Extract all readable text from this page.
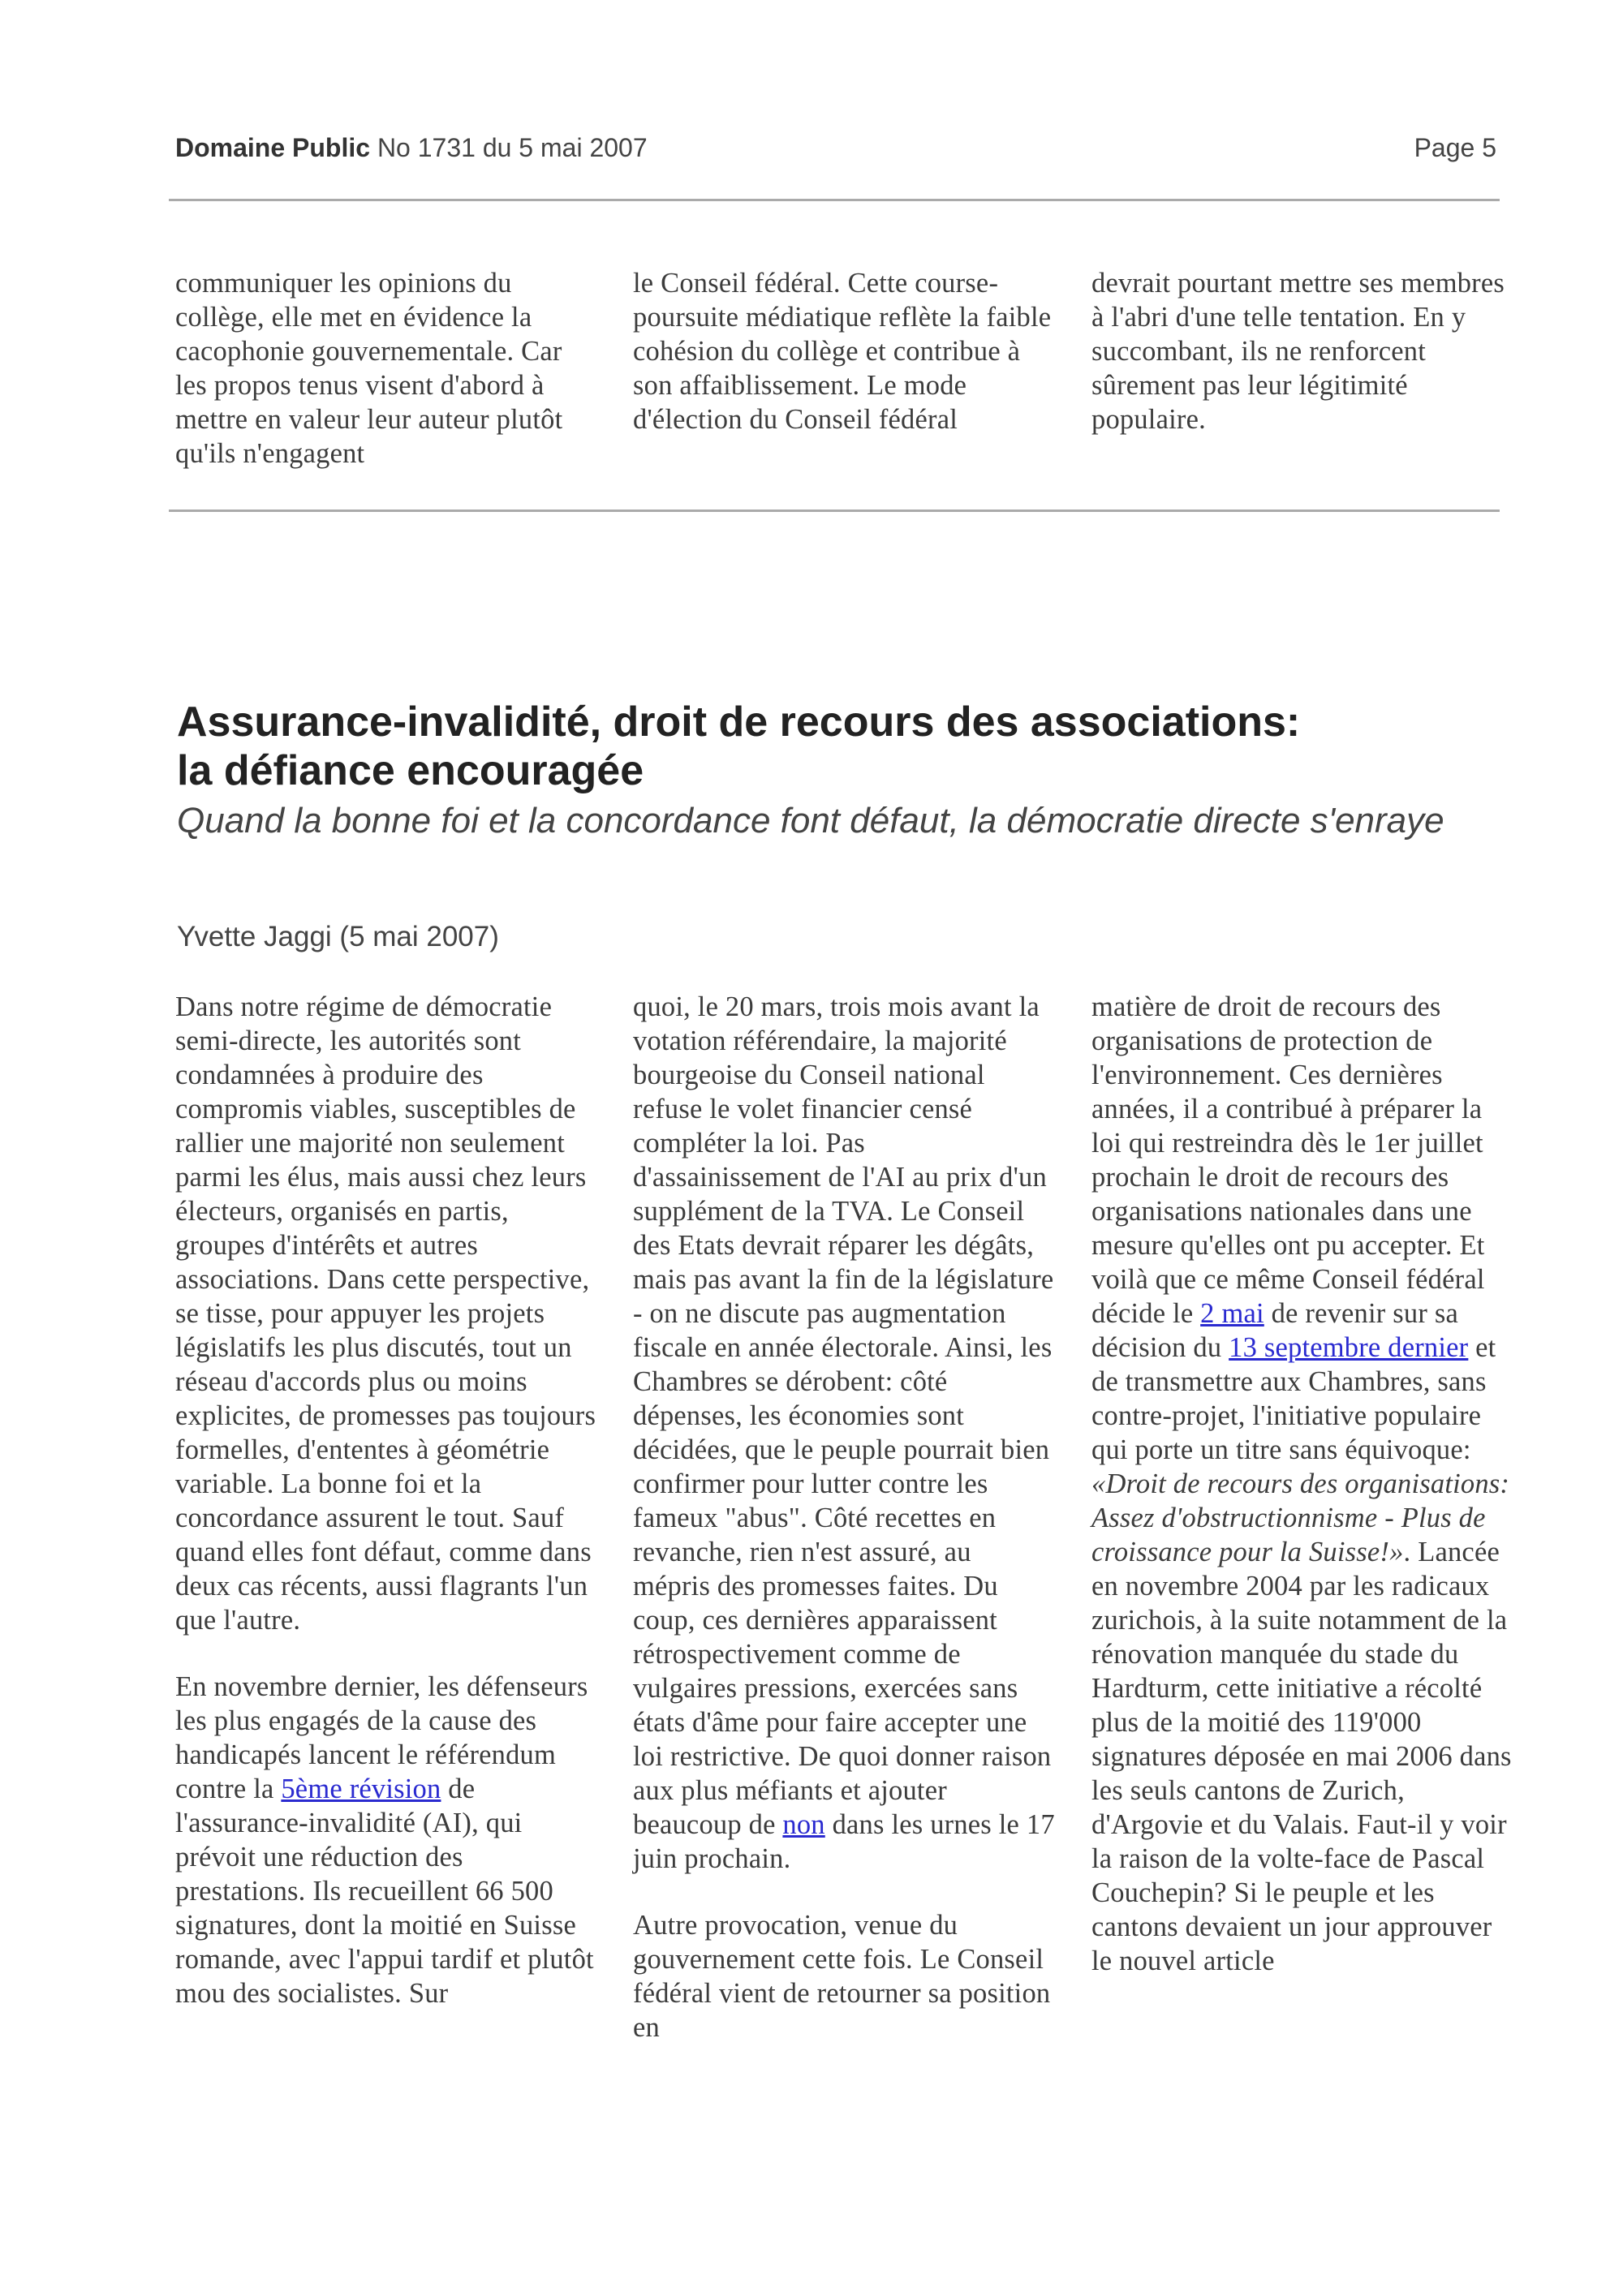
Domaine Public No 1731 du 5 mai 2007	Page 5

communiquer les opinions du collège, elle met en évidence la cacophonie gouvernementale. Car les propos tenus visent d'abord à mettre en valeur leur auteur plutôt qu'ils n'engagent

le Conseil fédéral. Cette course-poursuite médiatique reflète la faible cohésion du collège et contribue à son affaiblissement. Le mode d'élection du Conseil fédéral

devrait pourtant mettre ses membres à l'abri d'une telle tentation. En y succombant, ils ne renforcent sûrement pas leur légitimité populaire.

Assurance-invalidité, droit de recours des associations:
la défiance encouragée

Quand la bonne foi et la concordance font défaut, la démocratie directe s'enraye

Yvette Jaggi (5 mai 2007)

Dans notre régime de démocratie semi-directe, les autorités sont condamnées à produire des compromis viables, susceptibles de rallier une majorité non seulement parmi les élus, mais aussi chez leurs électeurs, organisés en partis, groupes d'intérêts et autres associations. Dans cette perspective, se tisse, pour appuyer les projets législatifs les plus discutés, tout un réseau d'accords plus ou moins explicites, de promesses pas toujours formelles, d'ententes à géométrie variable. La bonne foi et la concordance assurent le tout. Sauf quand elles font défaut, comme dans deux cas récents, aussi flagrants l'un que l'autre.

En novembre dernier, les défenseurs les plus engagés de la cause des handicapés lancent le référendum contre la 5ème révision de l'assurance-invalidité (AI), qui prévoit une réduction des prestations. Ils recueillent 66 500 signatures, dont la moitié en Suisse romande, avec l'appui tardif et plutôt mou des socialistes. Sur

quoi, le 20 mars, trois mois avant la votation référendaire, la majorité bourgeoise du Conseil national refuse le volet financier censé compléter la loi. Pas d'assainissement de l'AI au prix d'un supplément de la TVA. Le Conseil des Etats devrait réparer les dégâts, mais pas avant la fin de la législature - on ne discute pas augmentation fiscale en année électorale. Ainsi, les Chambres se dérobent: côté dépenses, les économies sont décidées, que le peuple pourrait bien confirmer pour lutter contre les fameux "abus". Côté recettes en revanche, rien n'est assuré, au mépris des promesses faites. Du coup, ces dernières apparaissent rétrospectivement comme de vulgaires pressions, exercées sans états d'âme pour faire accepter une loi restrictive. De quoi donner raison aux plus méfiants et ajouter beaucoup de non dans les urnes le 17 juin prochain.

Autre provocation, venue du gouvernement cette fois. Le Conseil fédéral vient de retourner sa position en

matière de droit de recours des organisations de protection de l'environnement. Ces dernières années, il a contribué à préparer la loi qui restreindra dès le 1er juillet prochain le droit de recours des organisations nationales dans une mesure qu'elles ont pu accepter. Et voilà que ce même Conseil fédéral décide le 2 mai de revenir sur sa décision du 13 septembre dernier et de transmettre aux Chambres, sans contre-projet, l'initiative populaire qui porte un titre sans équivoque: «Droit de recours des organisations: Assez d'obstructionnisme - Plus de croissance pour la Suisse!». Lancée en novembre 2004 par les radicaux zurichois, à la suite notamment de la rénovation manquée du stade du Hardturm, cette initiative a récolté plus de la moitié des 119'000 signatures déposée en mai 2006 dans les seuls cantons de Zurich, d'Argovie et du Valais. Faut-il y voir la raison de la volte-face de Pascal Couchepin? Si le peuple et les cantons devaient un jour approuver le nouvel article
